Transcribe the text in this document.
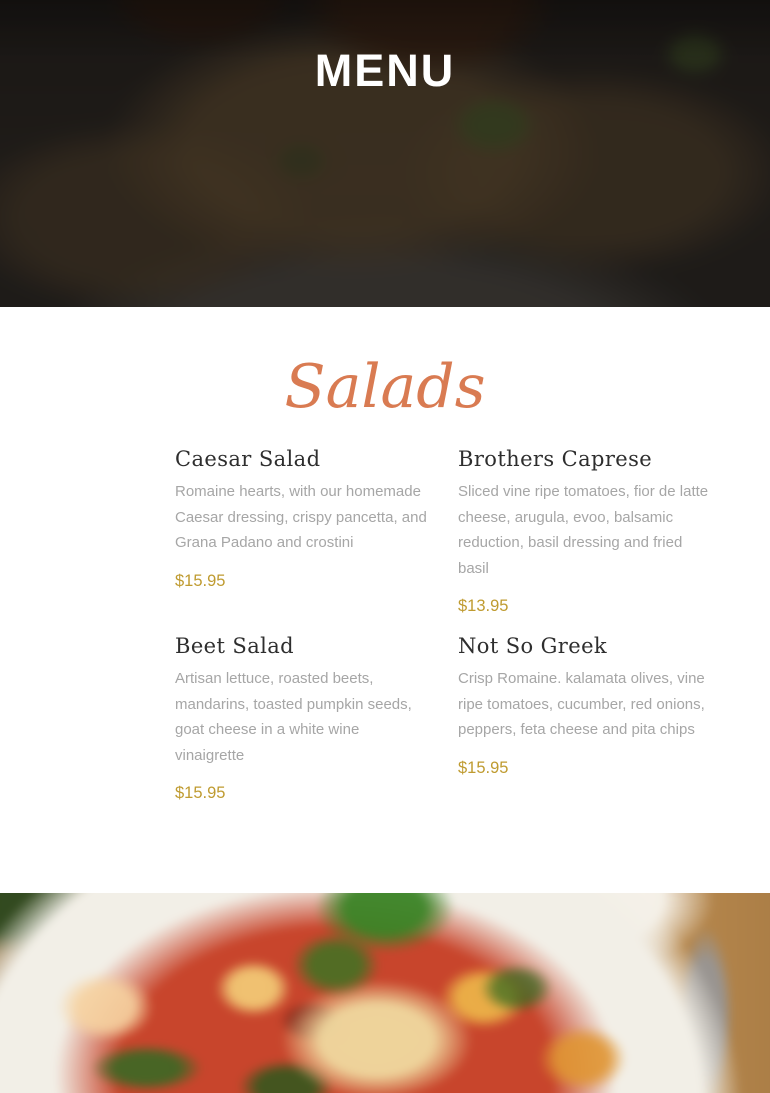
MENU
Salads
Caesar Salad

Romaine hearts, with our homemade Caesar dressing, crispy pancetta, and Grana Padano and crostini

$15.95
Brothers Caprese

Sliced vine ripe tomatoes, fior de latte cheese, arugula, evoo, balsamic reduction, basil dressing and fried basil

$13.95
Beet Salad

Artisan lettuce, roasted beets, mandarins, toasted pumpkin seeds, goat cheese in a white wine vinaigrette

$15.95
Not So Greek

Crisp Romaine. kalamata olives, vine ripe tomatoes, cucumber, red onions, peppers, feta cheese and pita chips

$15.95
